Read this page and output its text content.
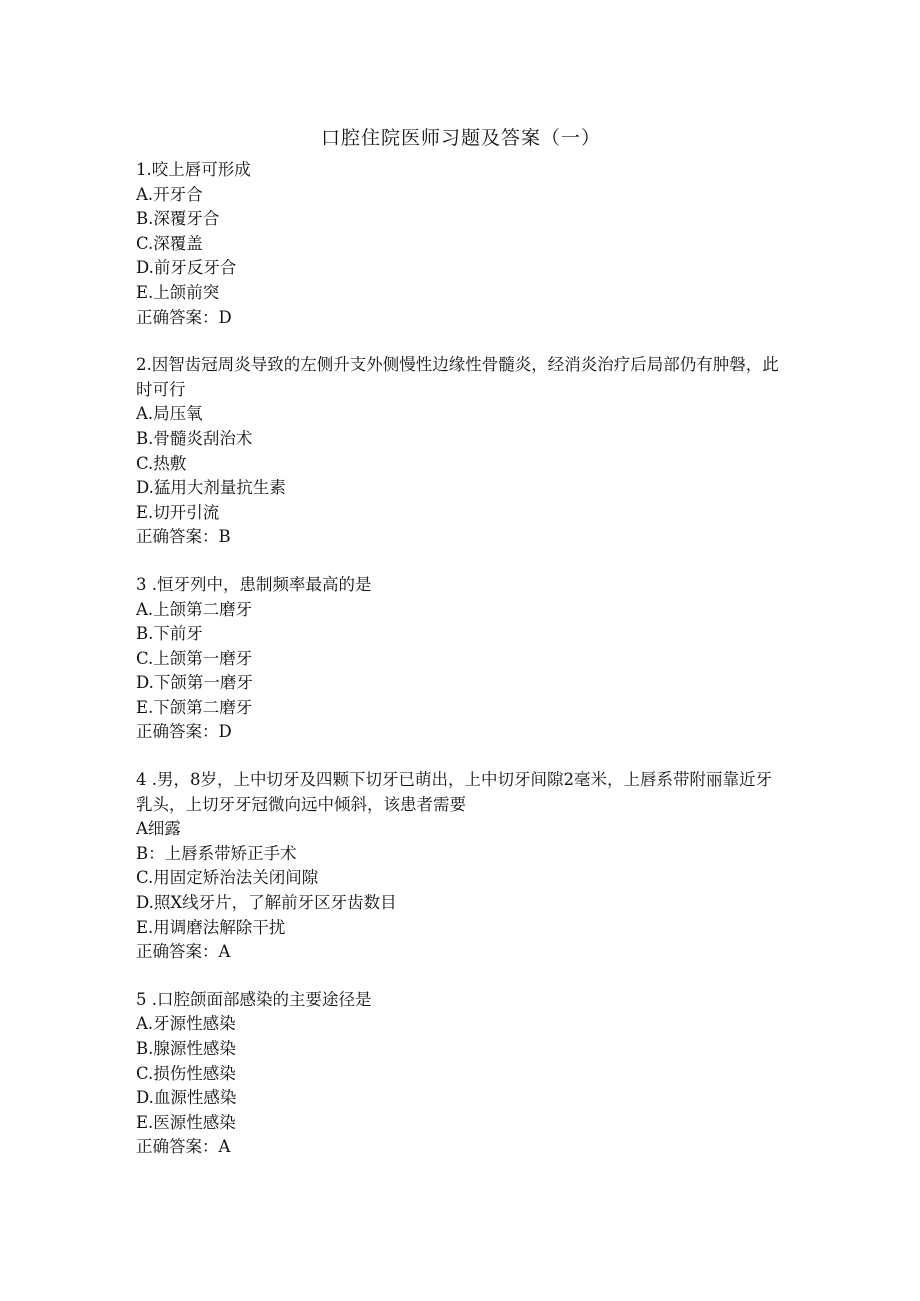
口腔住院医师习题及答案（一）

1.咬上唇可形成

A.开牙合

B.深覆牙合

C.深覆盖

D.前牙反牙合

E.上颌前突

正确答案：D

2.因智齿冠周炎导致的左侧升支外侧慢性边缘性骨髓炎，经消炎治疗后局部仍有肿磐，此时可行

A.局压氧

B.骨髓炎刮治术

C.热敷

D.猛用大剂量抗生素

E.切开引流

正确答案：B

3 .恒牙列中，患制频率最高的是

A.上颌第二磨牙

B.下前牙

C.上颌第一磨牙

D.下颌第一磨牙

E.下颌第二磨牙

正确答案：D

4 .男，8岁，上中切牙及四颗下切牙已萌出，上中切牙间隙2毫米，上唇系带附丽靠近牙乳头，上切牙牙冠微向远中倾斜，该患者需要

A细露

B：上唇系带矫正手术

C.用固定矫治法关闭间隙

D.照X线牙片，了解前牙区牙齿数目

E.用调磨法解除干扰

正确答案：A

5 .口腔颌面部感染的主要途径是

A.牙源性感染

B.腺源性感染

C.损伤性感染

D.血源性感染

E.医源性感染

正确答案：A
